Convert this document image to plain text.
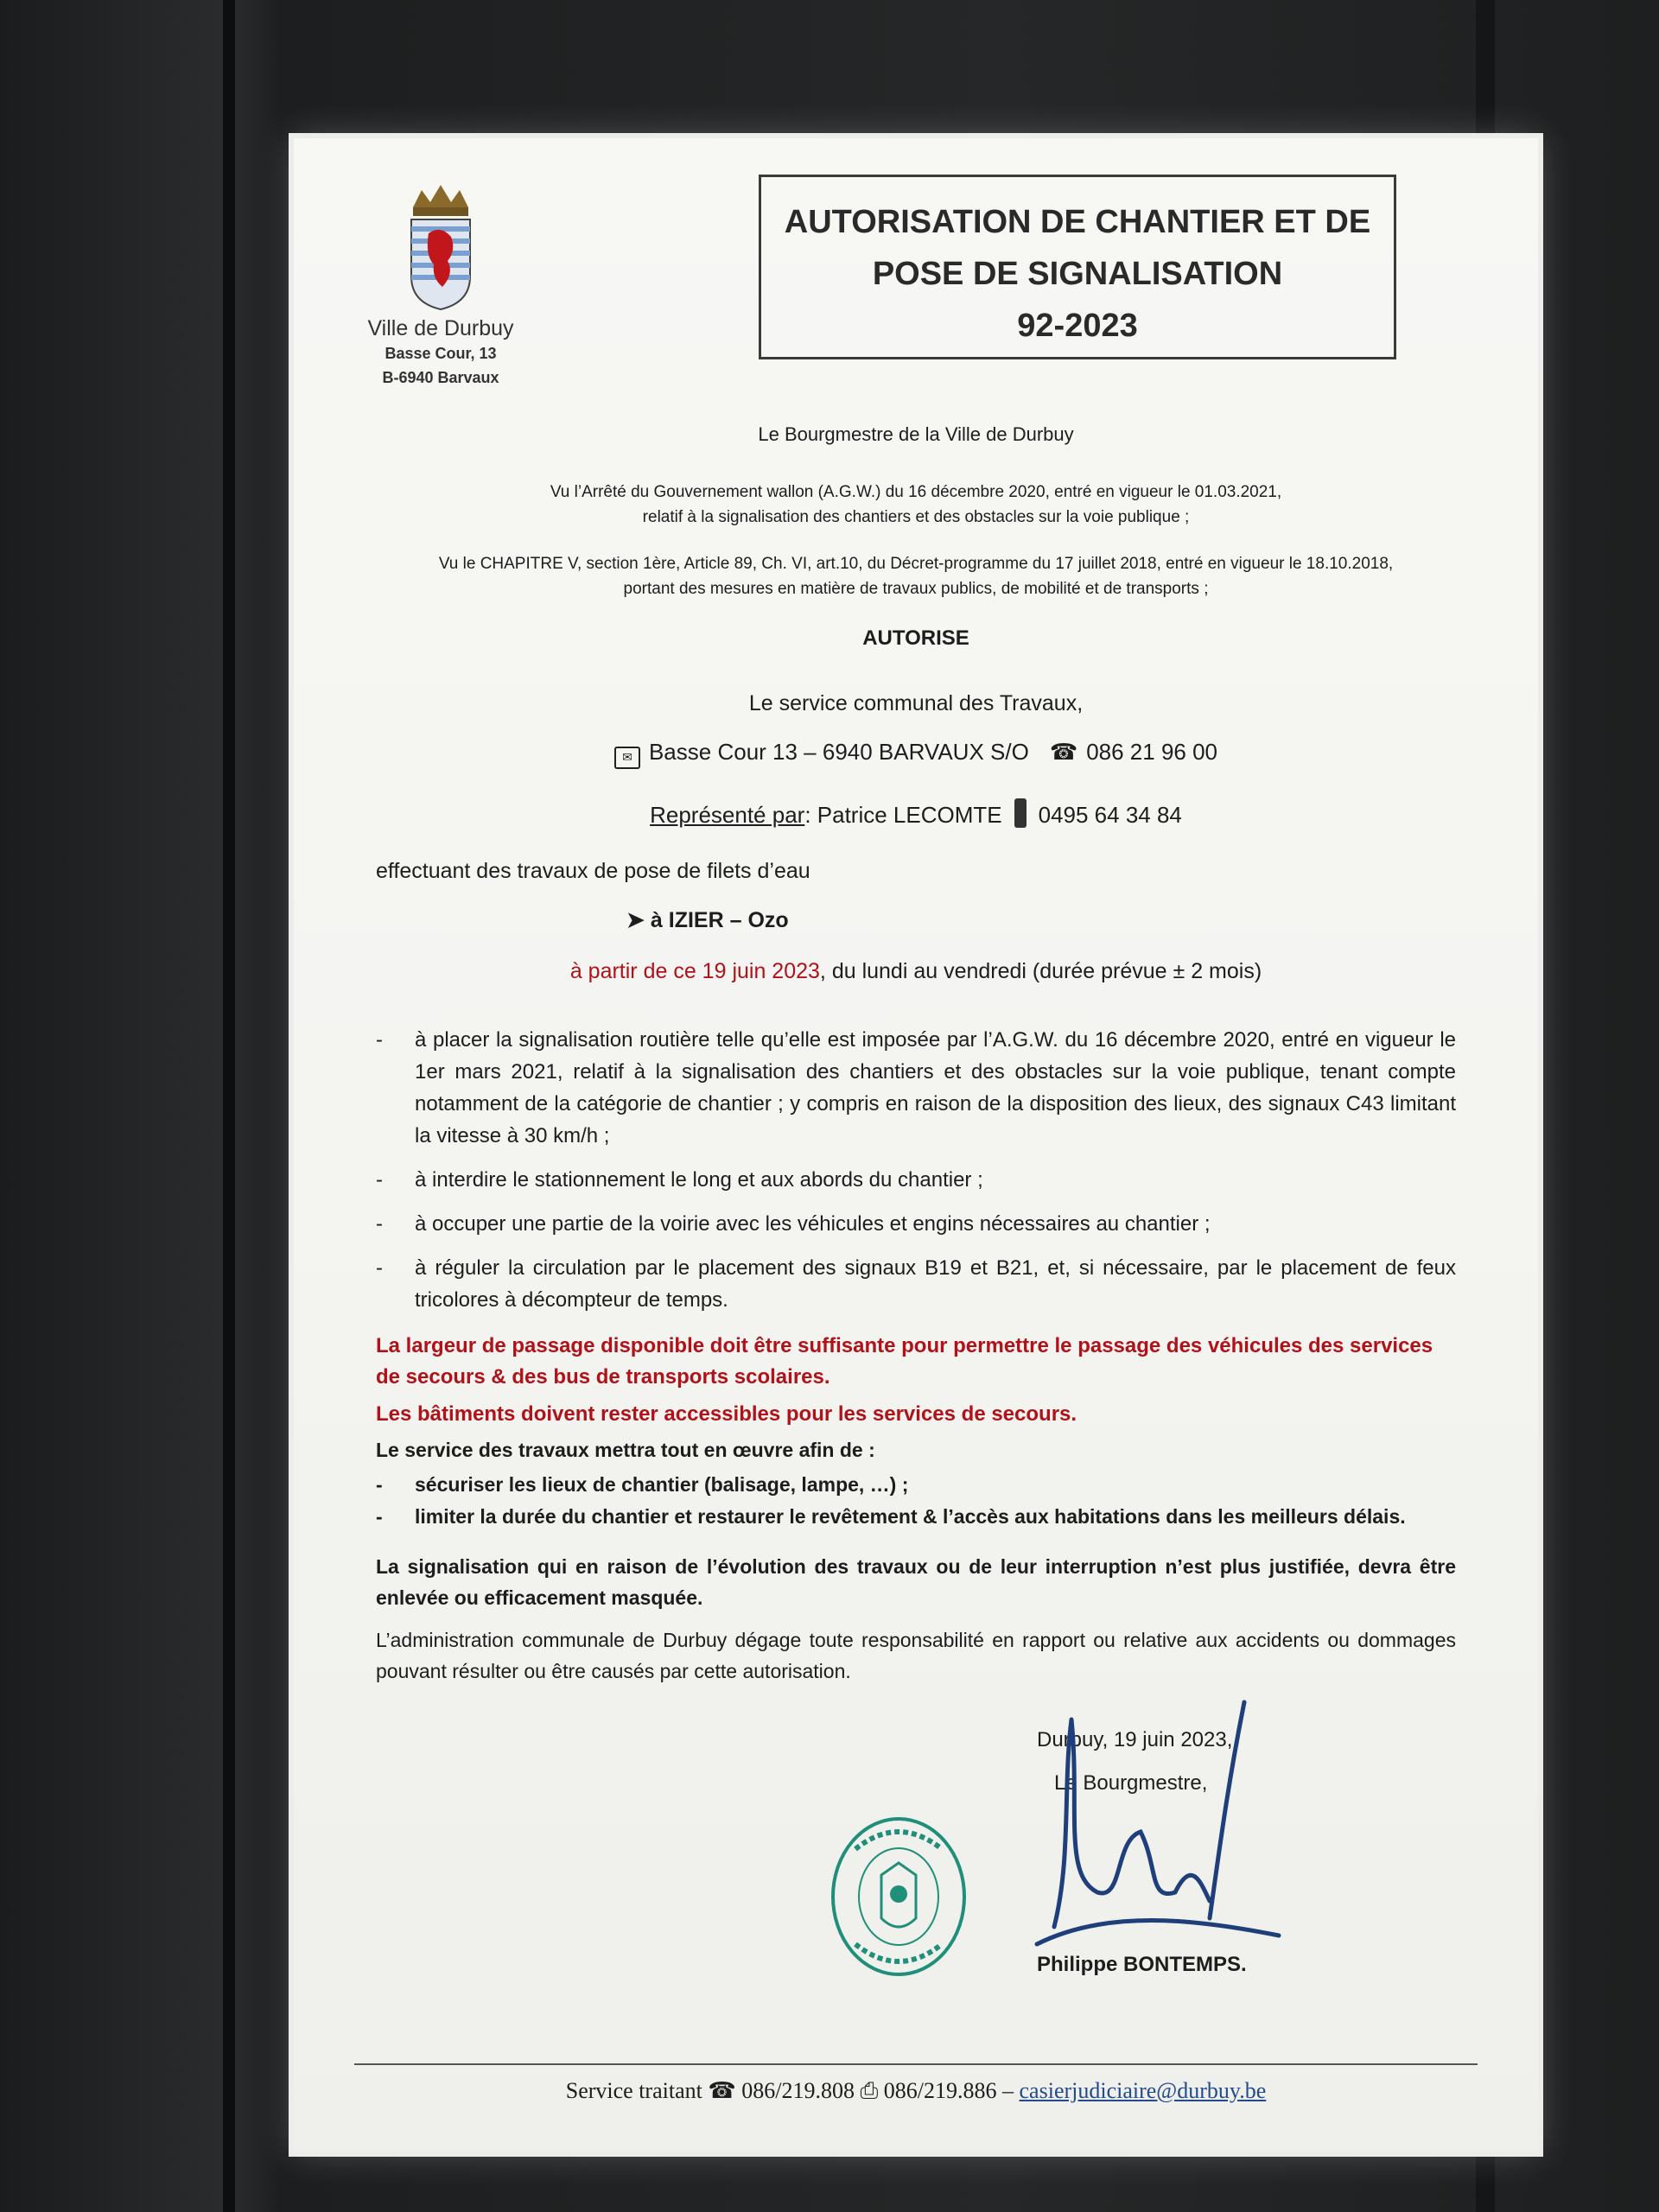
Ville de Durbuy
Basse Cour, 13
B-6940 Barvaux
AUTORISATION DE CHANTIER ET DE
POSE DE SIGNALISATION
92-2023
Le Bourgmestre de la Ville de Durbuy
Vu l’Arrêté du Gouvernement wallon (A.G.W.) du 16 décembre 2020, entré en vigueur le 01.03.2021,
relatif à la signalisation des chantiers et des obstacles sur la voie publique ;
Vu le CHAPITRE V, section 1ère, Article 89, Ch. VI, art.10, du Décret-programme du 17 juillet 2018, entré en vigueur le 18.10.2018,
portant des mesures en matière de travaux publics, de mobilité et de transports ;
AUTORISE
Le service communal des Travaux,
✉ Basse Cour 13 – 6940 BARVAUX S/O ☎ 086 21 96 00
Représenté par: Patrice LECOMTE 0495 64 34 84
effectuant des travaux de pose de filets d’eau
➤ à IZIER – Ozo
à partir de ce 19 juin 2023, du lundi au vendredi (durée prévue ± 2 mois)
- à placer la signalisation routière telle qu’elle est imposée par l’A.G.W. du 16 décembre 2020, entré en vigueur le 1er mars 2021, relatif à la signalisation des chantiers et des obstacles sur la voie publique, tenant compte notamment de la catégorie de chantier ; y compris en raison de la disposition des lieux, des signaux C43 limitant la vitesse à 30 km/h ;
- à interdire le stationnement le long et aux abords du chantier ;
- à occuper une partie de la voirie avec les véhicules et engins nécessaires au chantier ;
- à réguler la circulation par le placement des signaux B19 et B21, et, si nécessaire, par le placement de feux tricolores à décompteur de temps.
La largeur de passage disponible doit être suffisante pour permettre le passage des véhicules des services de secours & des bus de transports scolaires.
Les bâtiments doivent rester accessibles pour les services de secours.
Le service des travaux mettra tout en œuvre afin de :
- sécuriser les lieux de chantier (balisage, lampe, …) ;
- limiter la durée du chantier et restaurer le revêtement & l’accès aux habitations dans les meilleurs délais.
La signalisation qui en raison de l’évolution des travaux ou de leur interruption n’est plus justifiée, devra être enlevée ou efficacement masquée.
L’administration communale de Durbuy dégage toute responsabilité en rapport ou relative aux accidents ou dommages pouvant résulter ou être causés par cette autorisation.
Durbuy, 19 juin 2023,
Le Bourgmestre,
Philippe BONTEMPS.
Service traitant ☎ 086/219.808 ⎙ 086/219.886 – casierjudiciaire@durbuy.be
